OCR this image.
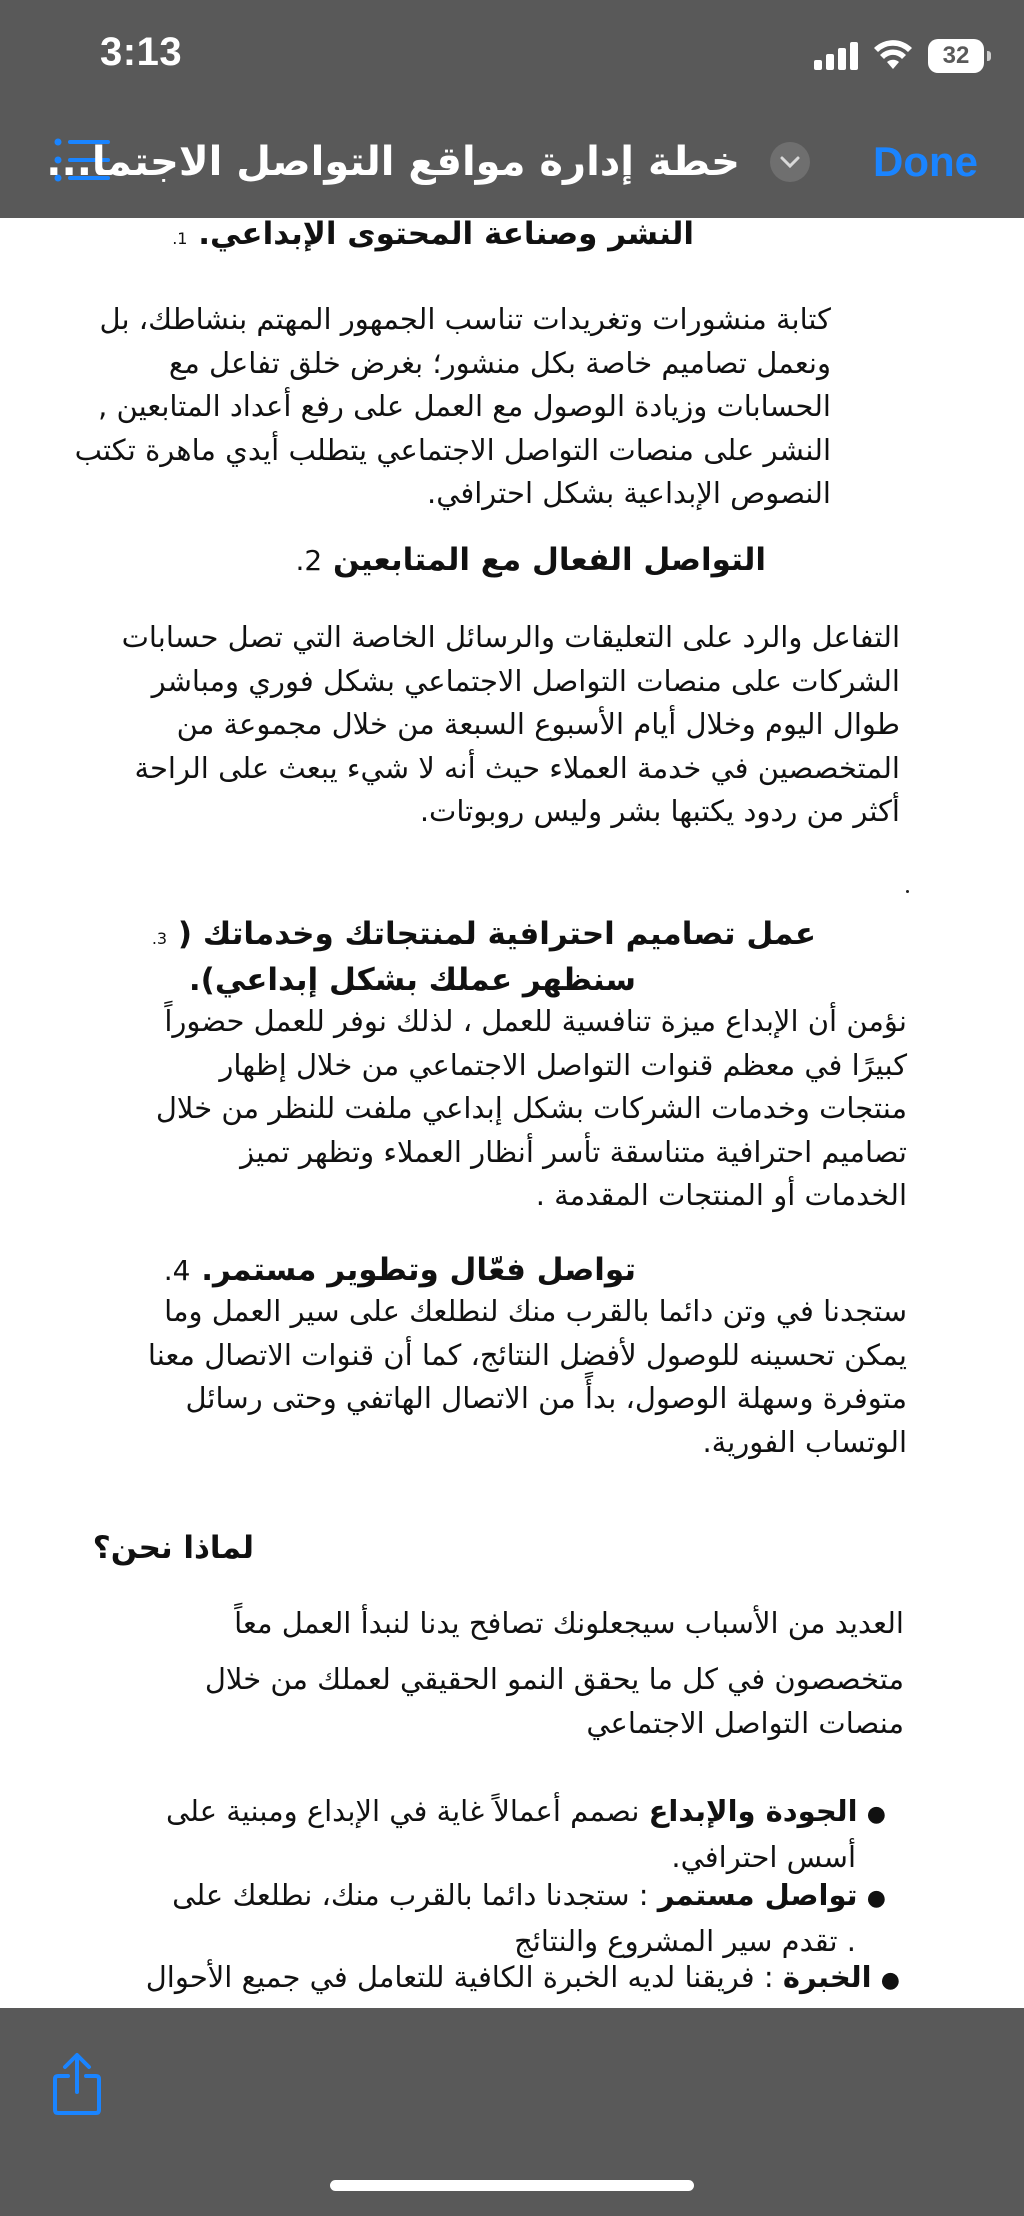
3:13	32
خطة إدارة مواقع التواصل الاجتما...	Done
النشر وصناعة المحتوى الإبداعي. 1.
كتابة منشورات وتغريدات تناسب الجمهور المهتم بنشاطك، بل
ونعمل تصاميم خاصة بكل منشور؛ بغرض خلق تفاعل مع
الحسابات وزيادة الوصول مع العمل على رفع أعداد المتابعين ,
النشر على منصات التواصل الاجتماعي يتطلب أيدي ماهرة تكتب
النصوص الإبداعية بشكل احترافي.
التواصل الفعال مع المتابعين 2.
التفاعل والرد على التعليقات والرسائل الخاصة التي تصل حسابات
الشركات على منصات التواصل الاجتماعي بشكل فوري ومباشر
طوال اليوم وخلال أيام الأسبوع السبعة من خلال مجموعة من
المتخصصين في خدمة العملاء حيث أنه لا شيء يبعث على الراحة
أكثر من ردود يكتبها بشر وليس روبوتات.
عمل تصاميم احترافية لمنتجاتك وخدماتك ( 3.
سنظهر عملك بشكل إبداعي).
نؤمن أن الإبداع ميزة تنافسية للعمل ، لذلك نوفر للعمل حضوراً
كبيرًا في معظم قنوات التواصل الاجتماعي من خلال إظهار
منتجات وخدمات الشركات بشكل إبداعي ملفت للنظر من خلال
تصاميم احترافية متناسقة تأسر أنظار العملاء وتظهر تميز
الخدمات أو المنتجات المقدمة .
تواصل فعّال وتطوير مستمر. 4.
ستجدنا في وتن دائما بالقرب منك لنطلعك على سير العمل وما
يمكن تحسينه للوصول لأفضل النتائج، كما أن قنوات الاتصال معنا
متوفرة وسهلة الوصول، بدأً من الاتصال الهاتفي وحتى رسائل
الوتساب الفورية.
لماذا نحن؟
العديد من الأسباب سيجعلونك تصافح يدنا لنبدأ العمل معاً
متخصصون في كل ما يحقق النمو الحقيقي لعملك من خلال
منصات التواصل الاجتماعي
● الجودة والإبداع نصمم أعمالاً غاية في الإبداع ومبنية على
أسس احترافي.
● تواصل مستمر : ستجدنا دائما بالقرب منك، نطلعك على
. تقدم سير المشروع والنتائج
● الخبرة : فريقنا لديه الخبرة الكافية للتعامل في جميع الأحوال
